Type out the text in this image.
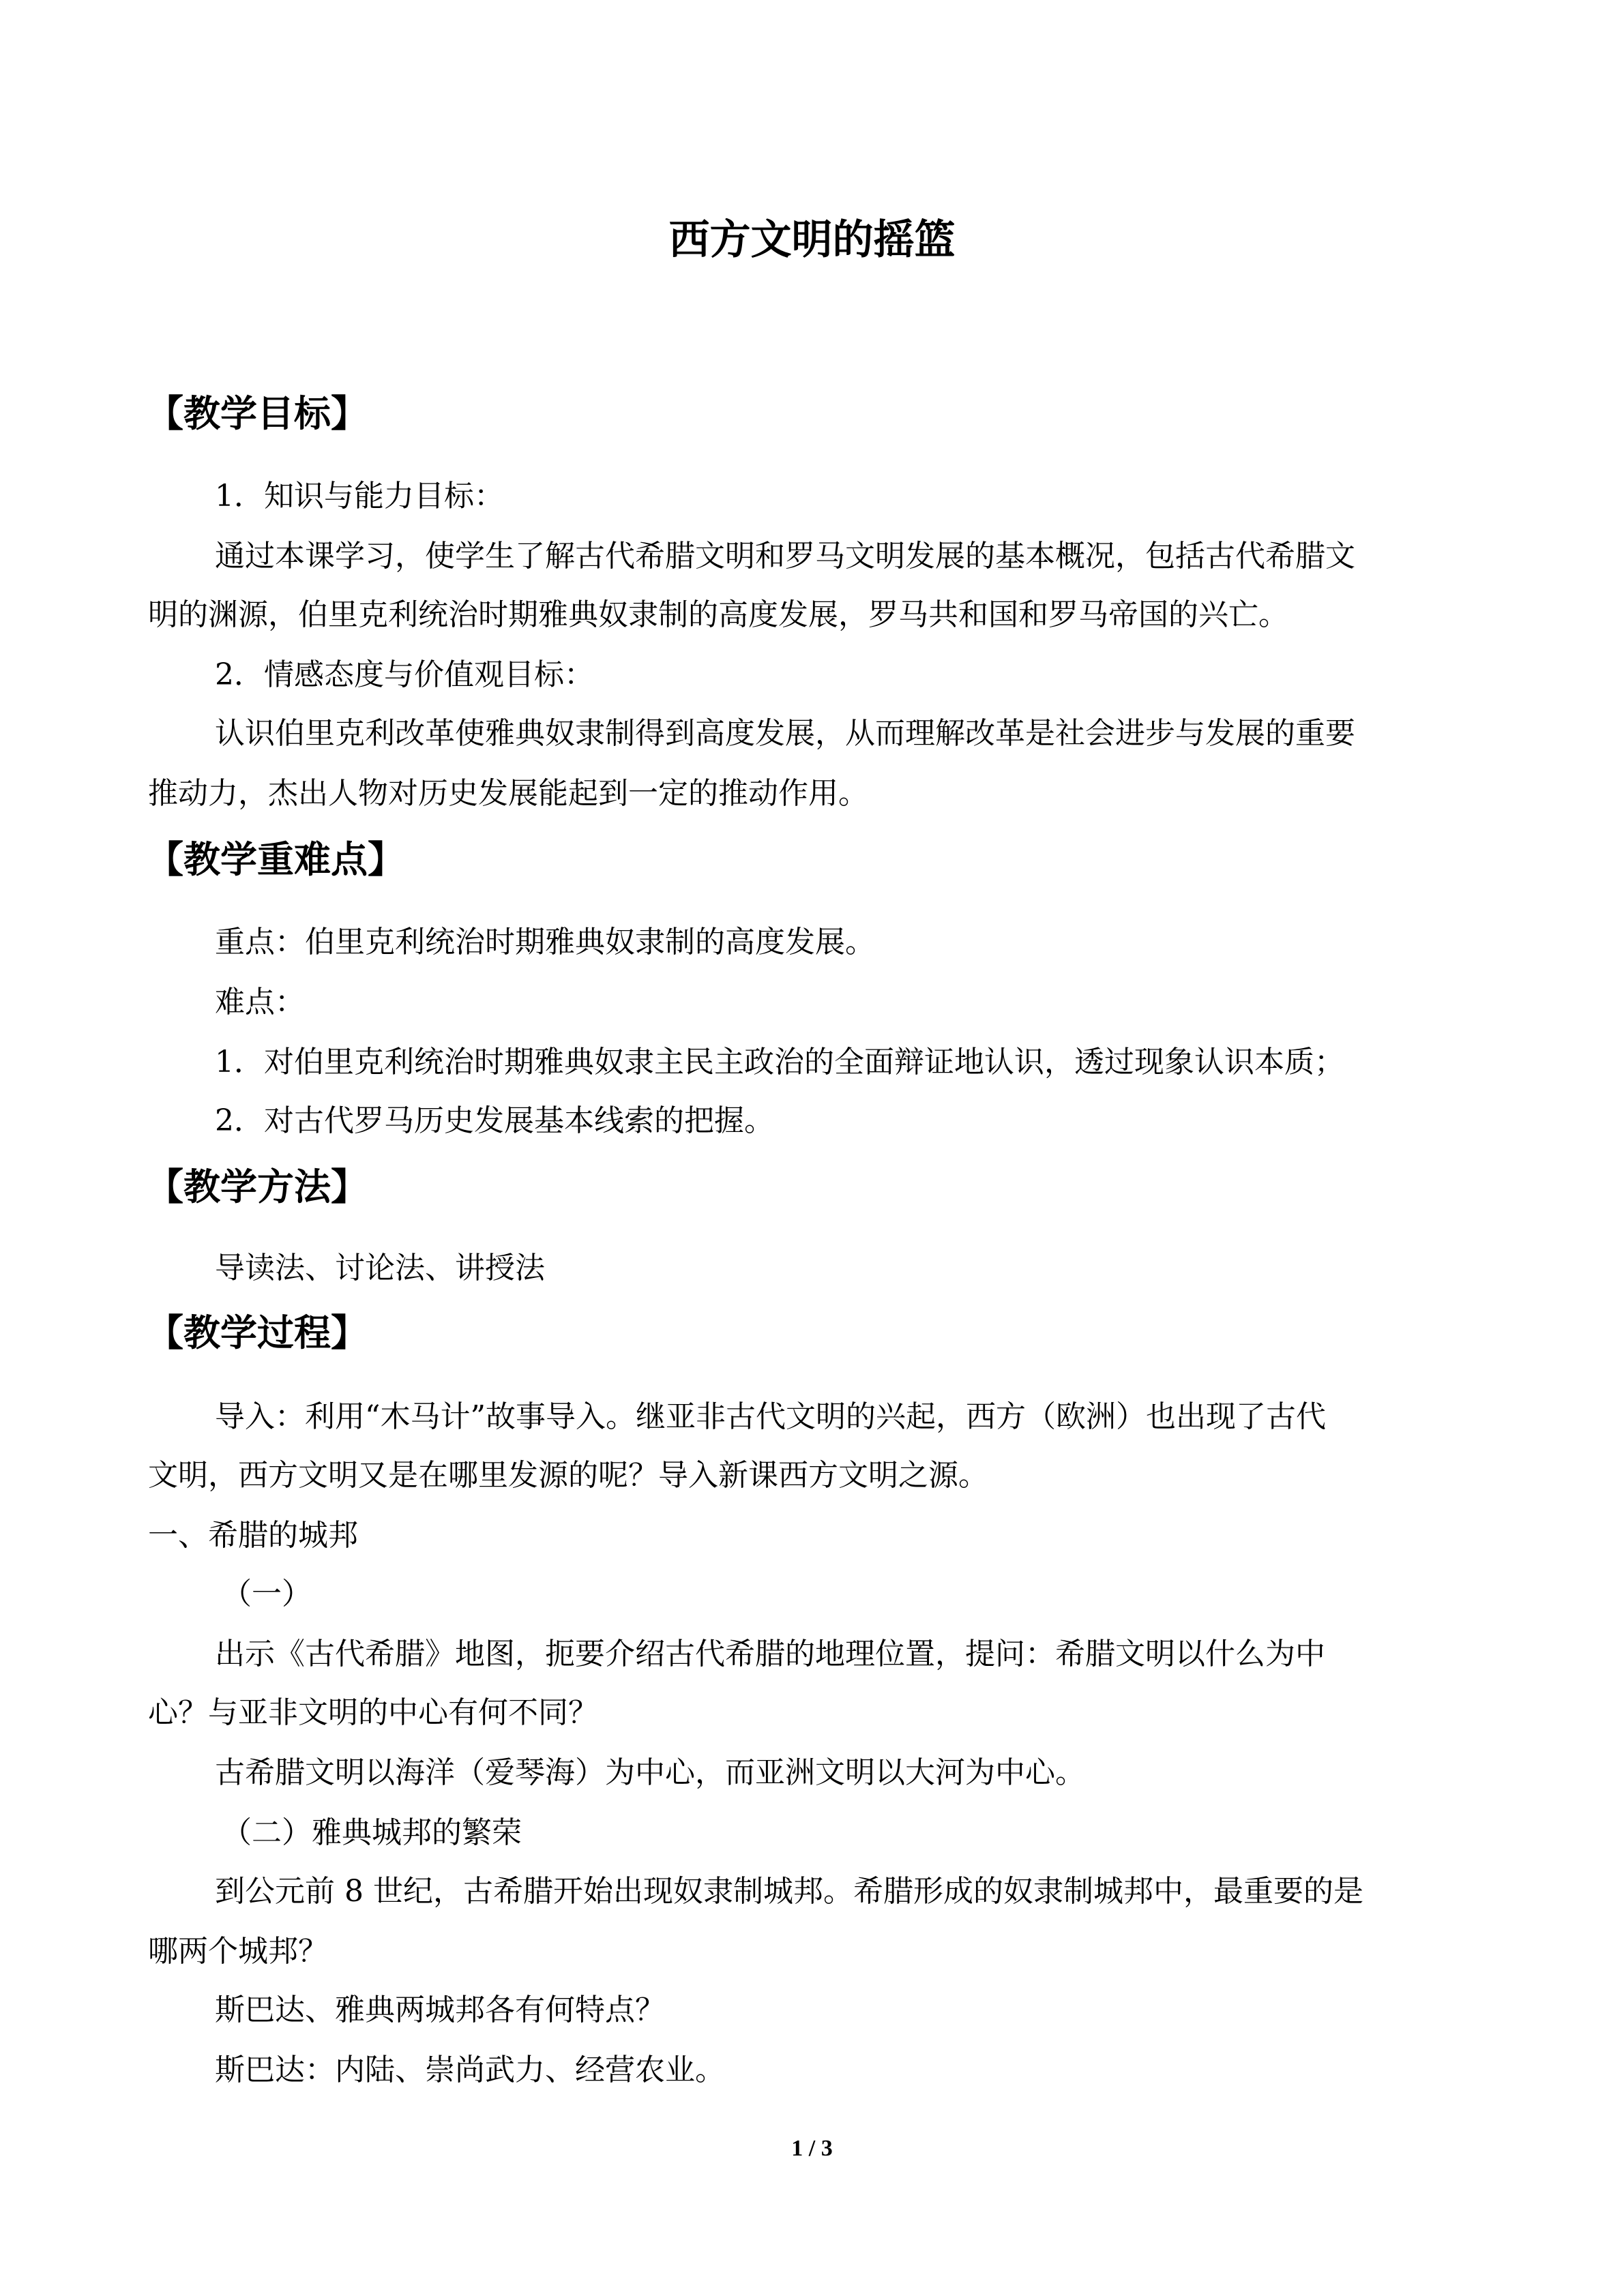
西方文明的摇篮
【教学目标】
1．知识与能力目标：
通过本课学习，使学生了解古代希腊文明和罗马文明发展的基本概况，包括古代希腊文
明的渊源，伯里克利统治时期雅典奴隶制的高度发展，罗马共和国和罗马帝国的兴亡。
2．情感态度与价值观目标：
认识伯里克利改革使雅典奴隶制得到高度发展，从而理解改革是社会进步与发展的重要
推动力，杰出人物对历史发展能起到一定的推动作用。
【教学重难点】
重点：伯里克利统治时期雅典奴隶制的高度发展。
难点：
1．对伯里克利统治时期雅典奴隶主民主政治的全面辩证地认识，透过现象认识本质；
2．对古代罗马历史发展基本线索的把握。
【教学方法】
导读法、讨论法、讲授法
【教学过程】
导入：利用“木马计”故事导入。继亚非古代文明的兴起，西方（欧洲）也出现了古代
文明，西方文明又是在哪里发源的呢？导入新课西方文明之源。
一、希腊的城邦
（一）
出示《古代希腊》地图，扼要介绍古代希腊的地理位置，提问：希腊文明以什么为中
心？与亚非文明的中心有何不同？
古希腊文明以海洋（爱琴海）为中心，而亚洲文明以大河为中心。
（二）雅典城邦的繁荣
到公元前 8 世纪，古希腊开始出现奴隶制城邦。希腊形成的奴隶制城邦中，最重要的是
哪两个城邦？
斯巴达、雅典两城邦各有何特点？
斯巴达：内陆、崇尚武力、经营农业。
1 / 3
